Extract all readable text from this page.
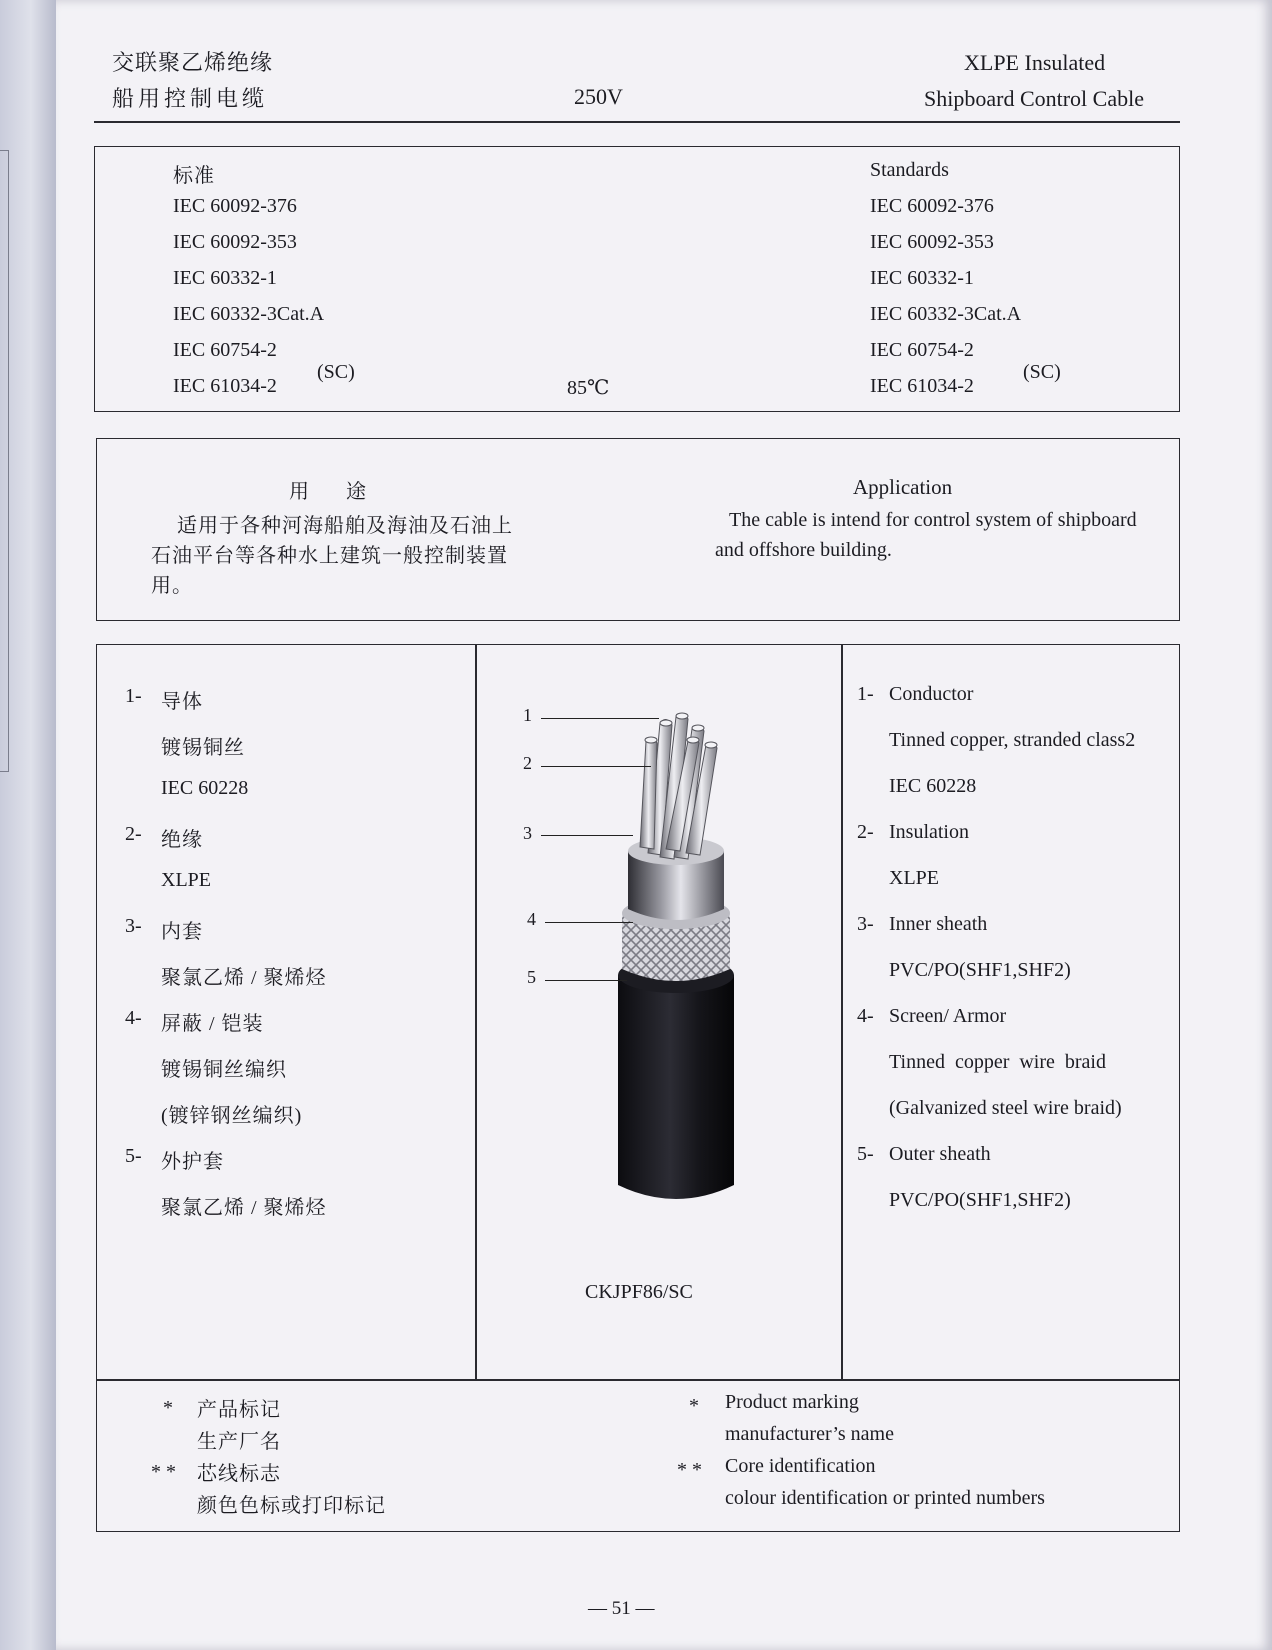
交联聚乙烯绝缘
船用控制电缆	250V
XLPE Insulated
Shipboard Control Cable
标准
IEC 60092-376
IEC 60092-353
IEC 60332-1
IEC 60332-3Cat.A
IEC 60754-2
IEC 61034-2
(SC)
85℃
Standards
IEC 60092-376
IEC 60092-353
IEC 60332-1
IEC 60332-3Cat.A
IEC 60754-2
IEC 61034-2
(SC)
用      途
适用于各种河海船舶及海油及石油上
石油平台等各种水上建筑一般控制装置
用。
Application
The cable is intend for control system of shipboard
and offshore building.
1- 导体
镀锡铜丝
IEC 60228
2- 绝缘
XLPE
3- 内套
聚氯乙烯 / 聚烯烃
4- 屏蔽 / 铠装
镀锡铜丝编织
(镀锌钢丝编织)
5- 外护套
聚氯乙烯 / 聚烯烃
1
2
3
4
5
CKJPF86/SC
1- Conductor
Tinned copper, stranded class2
IEC 60228
2- Insulation
XLPE
3- Inner sheath
PVC/PO(SHF1,SHF2)
4- Screen/ Armor
Tinned  copper  wire  braid
(Galvanized steel wire braid)
5- Outer sheath
PVC/PO(SHF1,SHF2)
* 产品标记
生产厂名
* * 芯线标志
颜色色标或打印标记
* Product marking
manufacturer’s name
* * Core identification
colour identification or printed numbers
— 51 —
